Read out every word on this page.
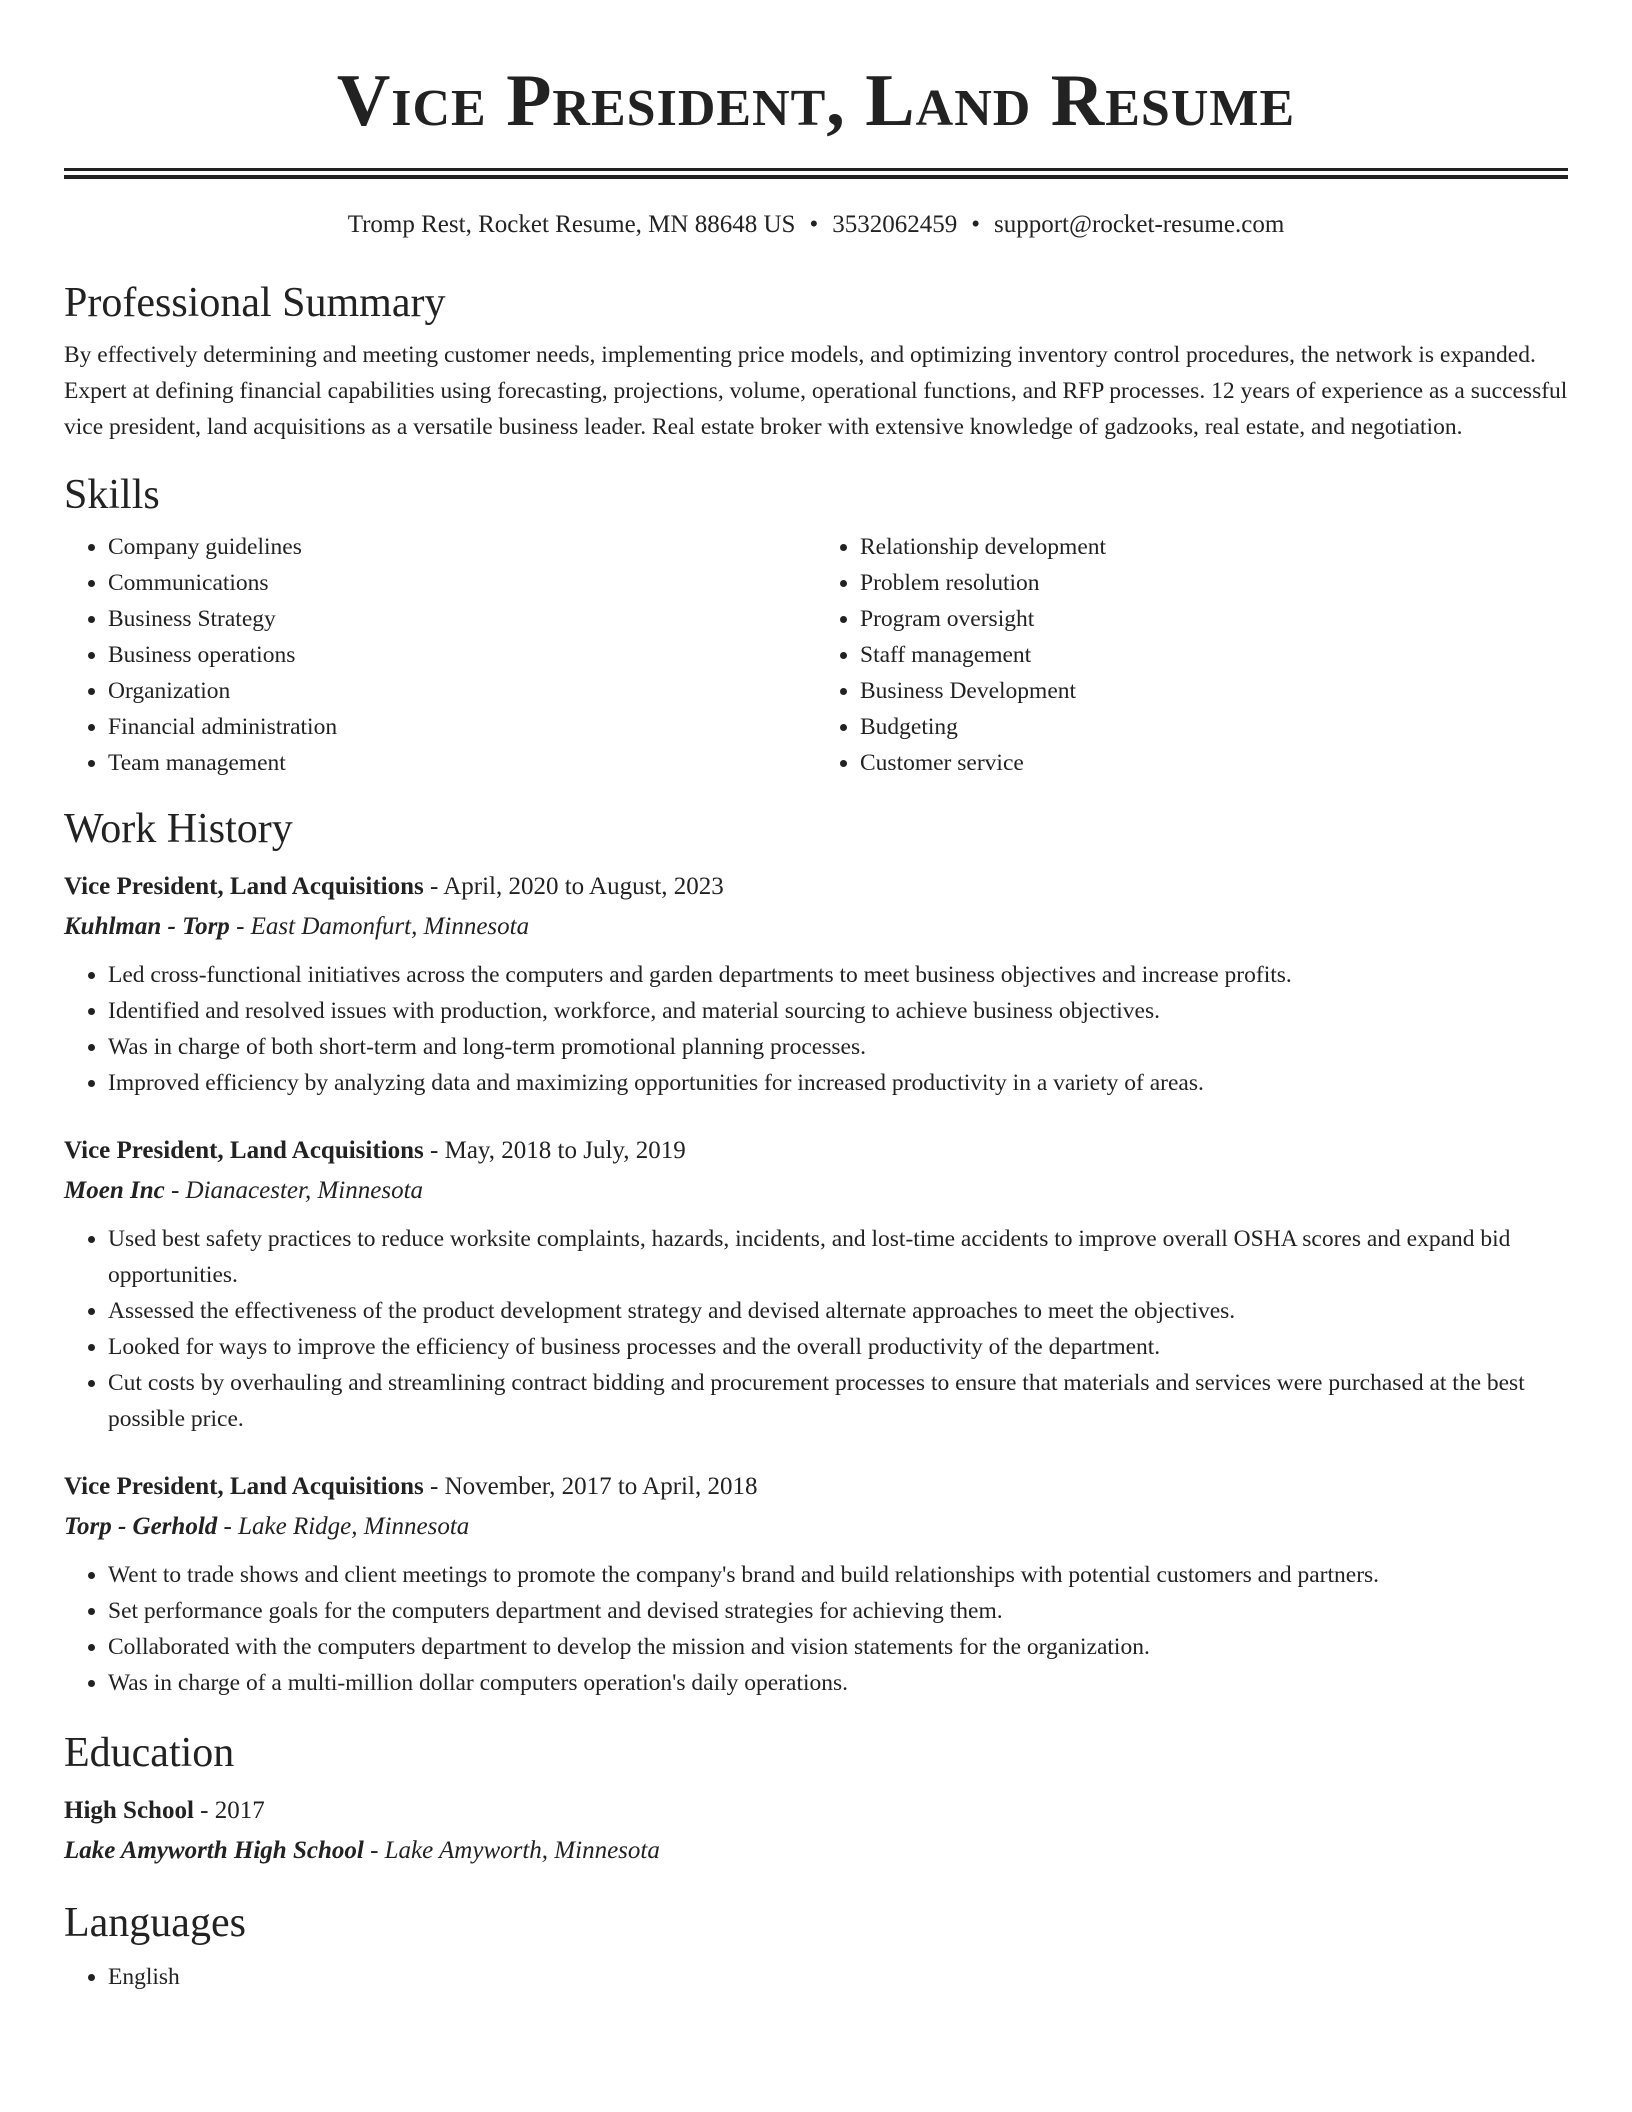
Vice President, Land Resume
Tromp Rest, Rocket Resume, MN 88648 US • 3532062459 • support@rocket-resume.com
Professional Summary

By effectively determining and meeting customer needs, implementing price models, and optimizing inventory control procedures, the network is expanded. Expert at defining financial capabilities using forecasting, projections, volume, operational functions, and RFP processes. 12 years of experience as a successful vice president, land acquisitions as a versatile business leader. Real estate broker with extensive knowledge of gadzooks, real estate, and negotiation.

Skills
• Company guidelines
• Communications
• Business Strategy
• Business operations
• Organization
• Financial administration
• Team management
• Relationship development
• Problem resolution
• Program oversight
• Staff management
• Business Development
• Budgeting
• Customer service
Work History

Vice President, Land Acquisitions - April, 2020 to August, 2023

Kuhlman - Torp - East Damonfurt, Minnesota

• Led cross-functional initiatives across the computers and garden departments to meet business objectives and increase profits.
• Identified and resolved issues with production, workforce, and material sourcing to achieve business objectives.
• Was in charge of both short-term and long-term promotional planning processes.
• Improved efficiency by analyzing data and maximizing opportunities for increased productivity in a variety of areas.

Vice President, Land Acquisitions - May, 2018 to July, 2019

Moen Inc - Dianacester, Minnesota

• Used best safety practices to reduce worksite complaints, hazards, incidents, and lost-time accidents to improve overall OSHA scores and expand bid opportunities.
• Assessed the effectiveness of the product development strategy and devised alternate approaches to meet the objectives.
• Looked for ways to improve the efficiency of business processes and the overall productivity of the department.
• Cut costs by overhauling and streamlining contract bidding and procurement processes to ensure that materials and services were purchased at the best possible price.

Vice President, Land Acquisitions - November, 2017 to April, 2018

Torp - Gerhold - Lake Ridge, Minnesota

• Went to trade shows and client meetings to promote the company's brand and build relationships with potential customers and partners.
• Set performance goals for the computers department and devised strategies for achieving them.
• Collaborated with the computers department to develop the mission and vision statements for the organization.
• Was in charge of a multi-million dollar computers operation's daily operations.
Education

High School - 2017

Lake Amyworth High School - Lake Amyworth, Minnesota

Languages
• English
